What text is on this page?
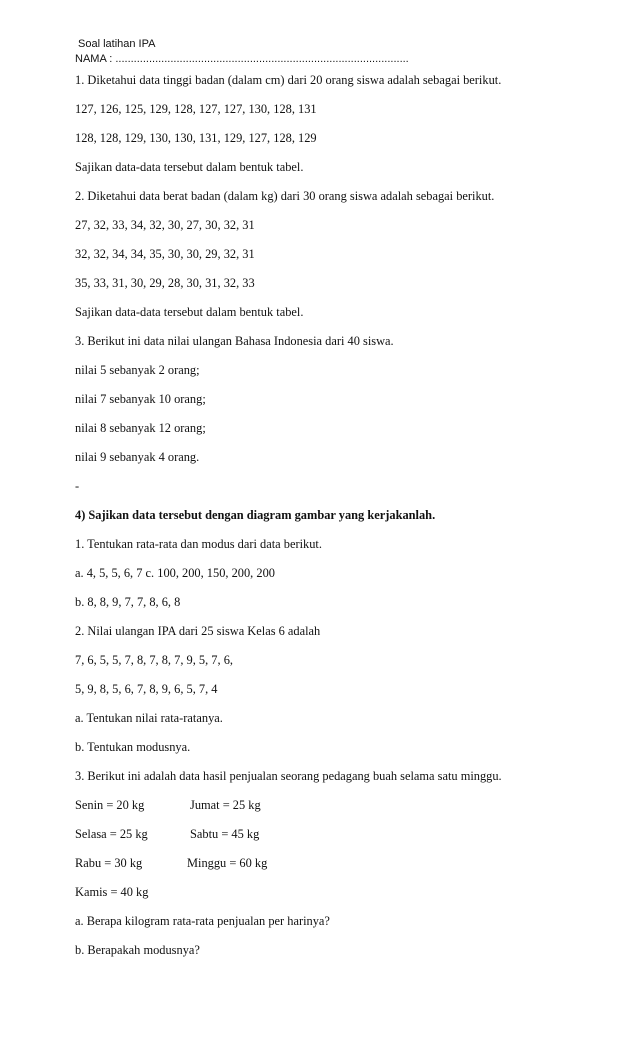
Soal latihan IPA
NAMA : ................................................................................................
1. Diketahui data tinggi badan (dalam cm) dari 20 orang siswa adalah sebagai berikut.
127, 126, 125, 129, 128, 127, 127, 130, 128, 131
128, 128, 129, 130, 130, 131, 129, 127, 128, 129
Sajikan data-data tersebut dalam bentuk tabel.
2. Diketahui data berat badan (dalam kg) dari 30 orang siswa adalah sebagai berikut.
27, 32, 33, 34, 32, 30, 27, 30, 32, 31
32, 32, 34, 34, 35, 30, 30, 29, 32, 31
35, 33, 31, 30, 29, 28, 30, 31, 32, 33
Sajikan data-data tersebut dalam bentuk tabel.
3. Berikut ini data nilai ulangan Bahasa Indonesia dari 40 siswa.
nilai 5 sebanyak 2 orang;
nilai 7 sebanyak 10 orang;
nilai 8 sebanyak 12 orang;
nilai 9 sebanyak 4 orang.
-
4) Sajikan data tersebut dengan diagram gambar yang kerjakanlah.
1. Tentukan rata-rata dan modus dari data berikut.
a. 4, 5, 5, 6, 7 c. 100, 200, 150, 200, 200
b. 8, 8, 9, 7, 7, 8, 6, 8
2. Nilai ulangan IPA dari 25 siswa Kelas 6 adalah
7, 6, 5, 5, 7, 8, 7, 8, 7, 9, 5, 7, 6,
5, 9, 8, 5, 6, 7, 8, 9, 6, 5, 7, 4
a. Tentukan nilai rata-ratanya.
b. Tentukan modusnya.
3. Berikut ini adalah data hasil penjualan seorang pedagang buah selama satu minggu.
Senin = 20 kg	Jumat = 25 kg
Selasa = 25 kg	Sabtu = 45 kg
Rabu = 30 kg	Minggu = 60 kg
Kamis = 40 kg
a. Berapa kilogram rata-rata penjualan per harinya?
b. Berapakah modusnya?
